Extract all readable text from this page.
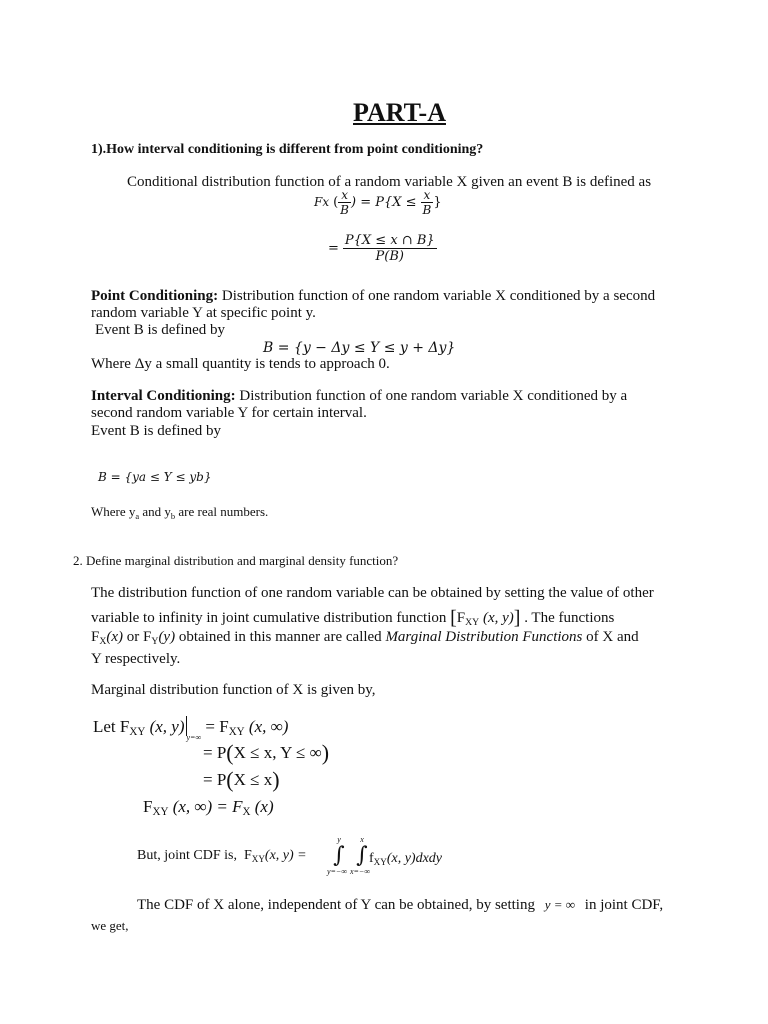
PART-A
1).How interval conditioning is different from point conditioning?
Conditional distribution function of a random variable X given an event B is defined as
Fx ( $\frac{x}{B}$ ) = $P\{X \le \frac{x}{B}$ }
= $\frac{P\{X \le x \cap B\}}{P(B)}$
Point Conditioning: Distribution function of one random variable X conditioned by a second
random variable Y at specific point y.
Event B is defined by
B = {y − Δy ≤ Y ≤ y + Δy}
Where Δy a small quantity is tends to approach 0.
Interval Conditioning: Distribution function of one random variable X conditioned by a
second random variable Y for certain interval.
Event B is defined by
B = {ya ≤ Y ≤ yb}
Where $y_a$ and $y_b$ are real numbers.
2. Define marginal distribution and marginal density function?
The distribution function of one random variable can be obtained by setting the value of other
variable to infinity in joint cumulative distribution function [$F_{XY}$ (x, y)] . The functions
$F_X(x)$ or $F_Y(y)$ obtained in this manner are called Marginal Distribution Functions of X and
Y respectively.
Marginal distribution function of X is given by,
Let $F_{XY}$ (x, $y)_{y=\infty} = F_{XY}$ (x, ∞)
= P(X ≤ x, Y ≤ ∞)
= P(X ≤ x)
$F_{XY}$ (x, ∞) = $F_X$ (x)
But, joint CDF is, $F_{XY}(x$, y) =
y
∫
y=−∞
x
∫
x=−∞
$f_{XY}(x$, y)dxdy
The CDF of X alone, independent of Y can be obtained, by setting y = ∞ in joint CDF,
we get,
